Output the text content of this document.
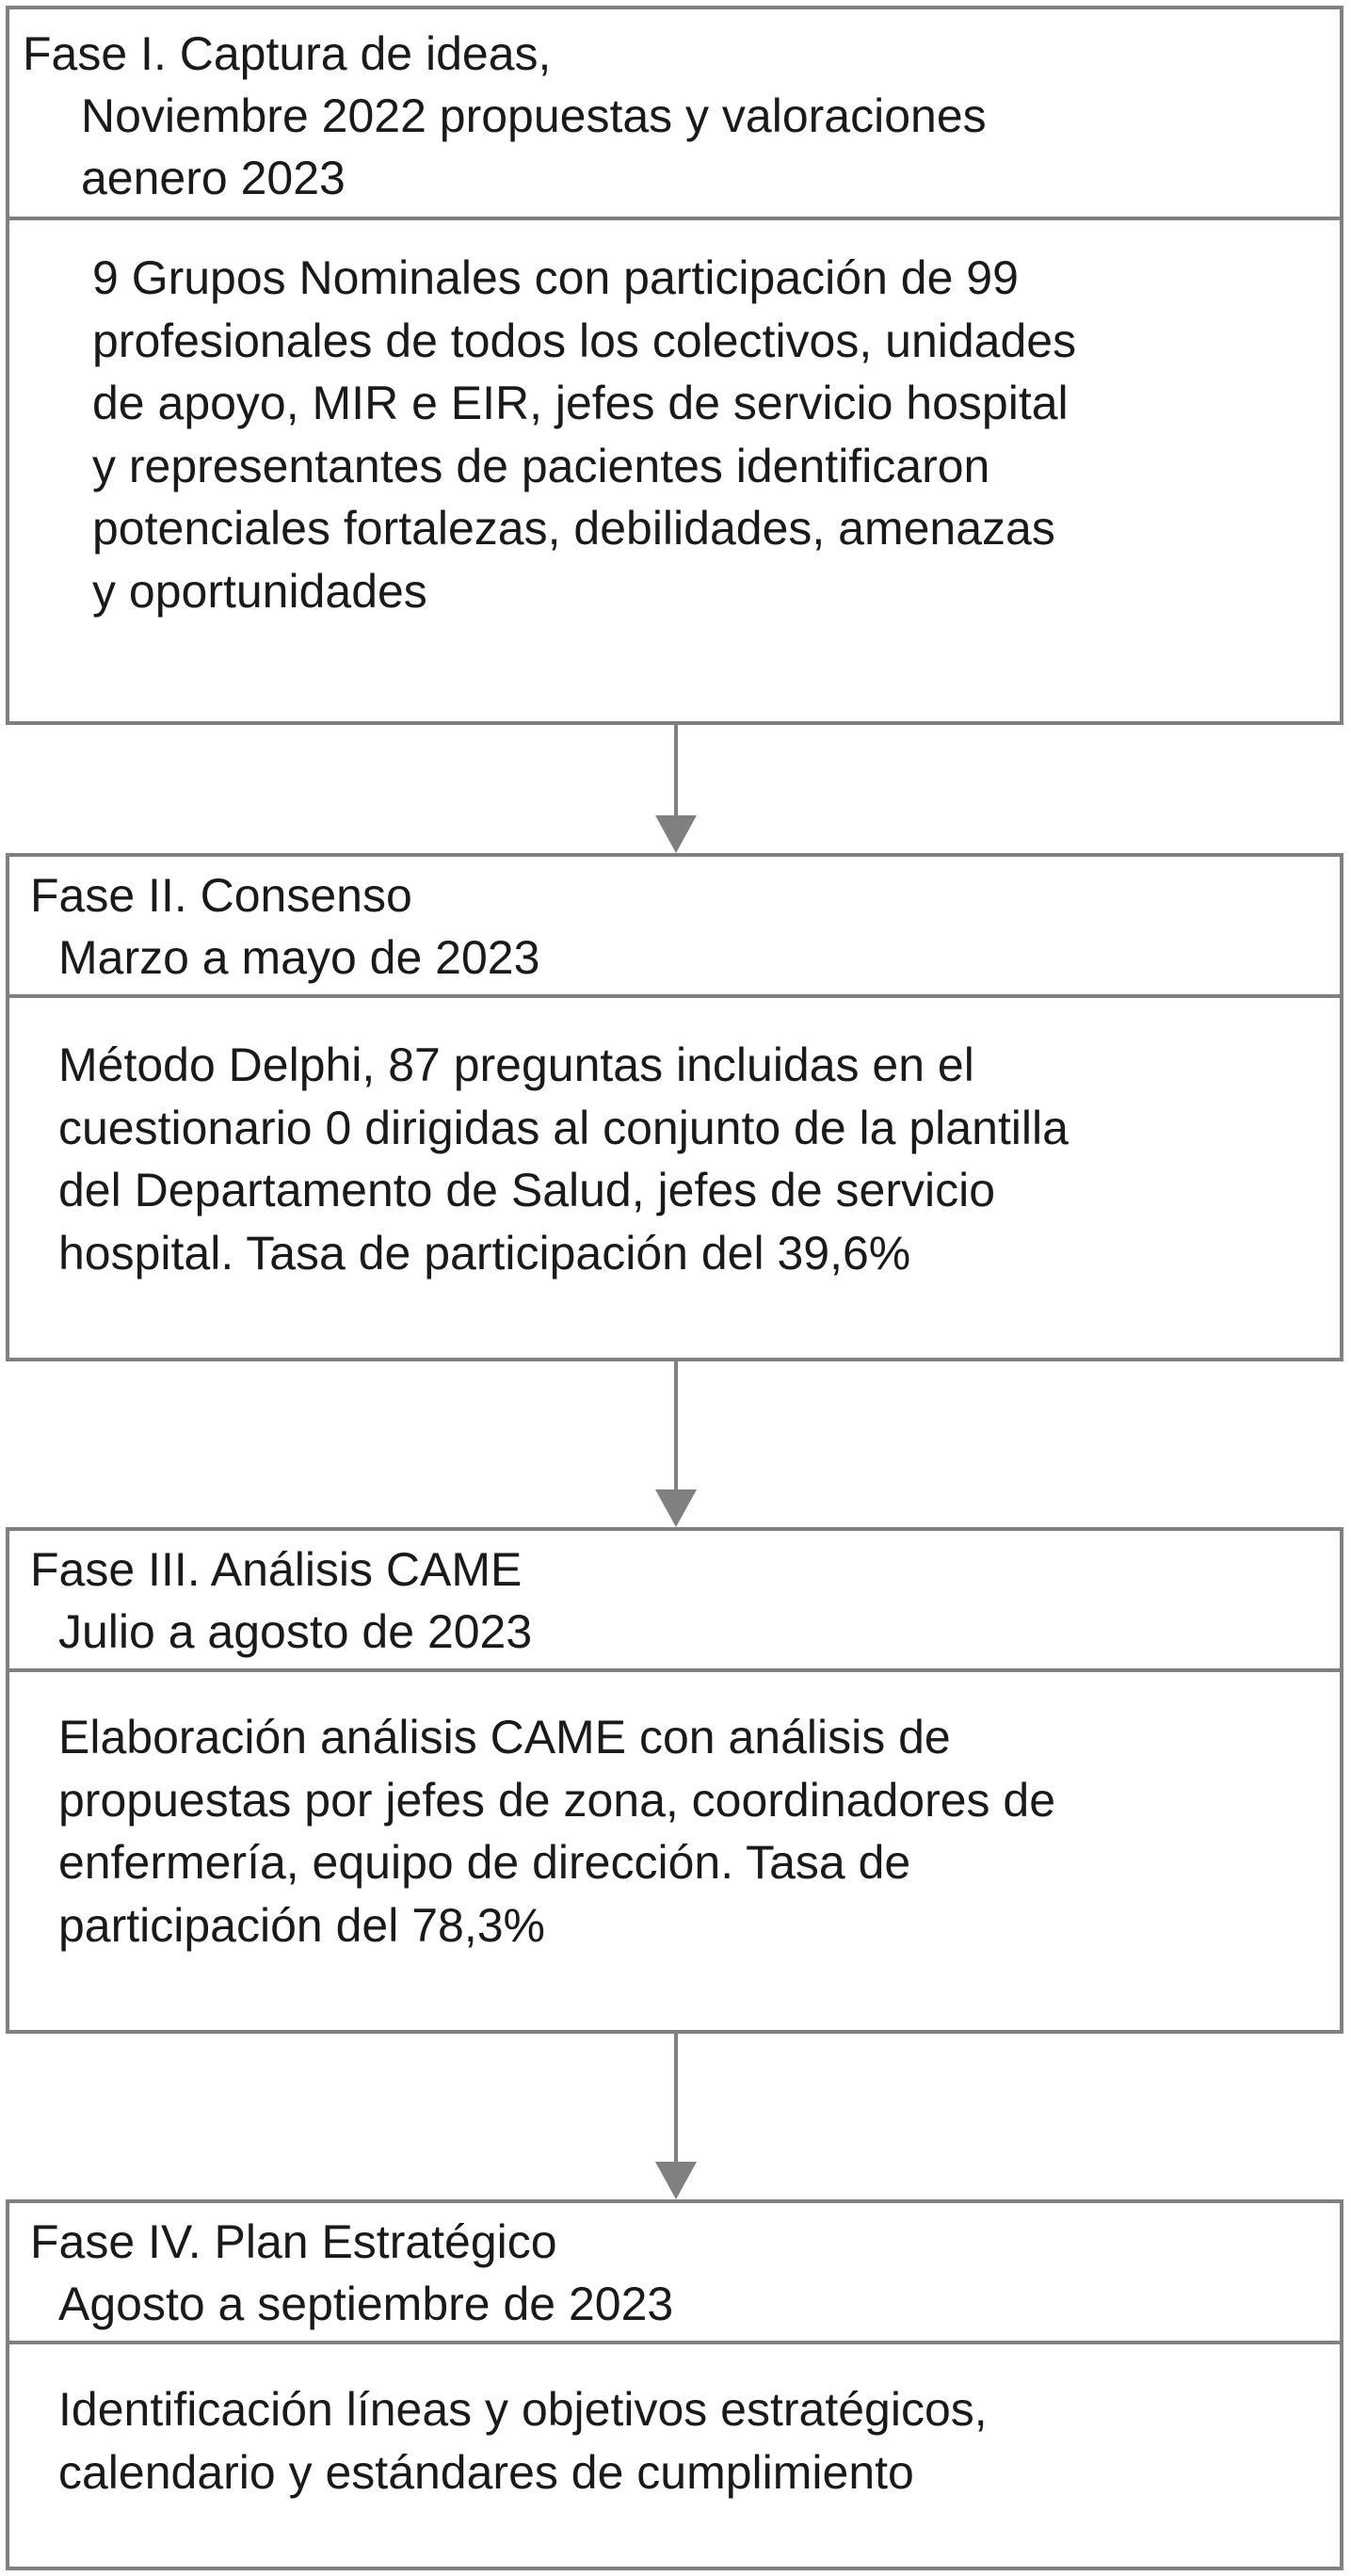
Fase I. Captura de ideas,
Noviembre 2022 propuestas y valoraciones
aenero 2023
9 Grupos Nominales con participación de 99
profesionales de todos los colectivos, unidades
de apoyo, MIR e EIR, jefes de servicio hospital
y representantes de pacientes identificaron
potenciales fortalezas, debilidades, amenazas
y oportunidades
Fase II. Consenso
Marzo a mayo de 2023
Método Delphi, 87 preguntas incluidas en el
cuestionario 0 dirigidas al conjunto de la plantilla
del Departamento de Salud, jefes de servicio
hospital. Tasa de participación del 39,6%
Fase III. Análisis CAME
Julio a agosto de 2023
Elaboración análisis CAME con análisis de
propuestas por jefes de zona, coordinadores de
enfermería, equipo de dirección. Tasa de
participación del 78,3%
Fase IV. Plan Estratégico
Agosto a septiembre de 2023
Identificación líneas y objetivos estratégicos,
calendario y estándares de cumplimiento
